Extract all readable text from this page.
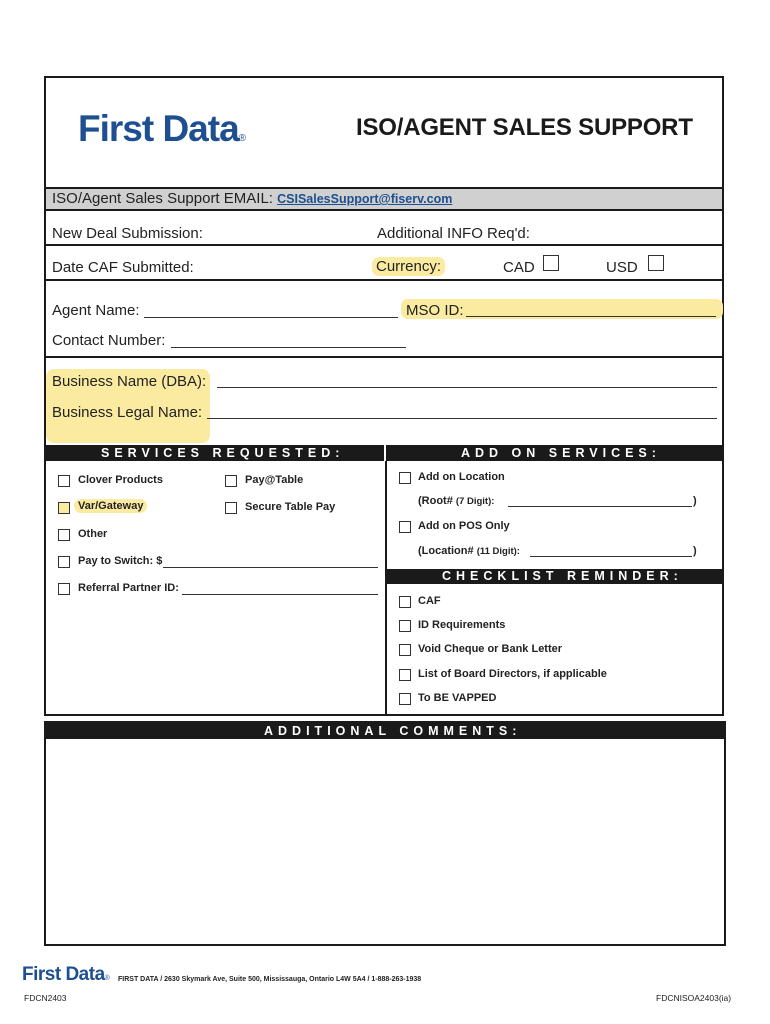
First Data®	ISO/AGENT SALES SUPPORT
ISO/Agent Sales Support EMAIL: CSISalesSupport@fiserv.com
New Deal Submission:	Additional INFO Req'd:
Date CAF Submitted:	Currency:	CAD	USD
Agent Name:	MSO ID:
Contact Number:
Business Name (DBA):
Business Legal Name:
SERVICES REQUESTED:	ADD ON SERVICES:
Clover Products	Pay@Table
Var/Gateway	Secure Table Pay
Other
Pay to Switch: $
Referral Partner ID:
Add on Location
(Root# (7 Digit):	)
Add on POS Only
(Location# (11 Digit):	)
CHECKLIST REMINDER:
CAF
ID Requirements
Void Cheque or Bank Letter
List of Board Directors, if applicable
To BE VAPPED
ADDITIONAL COMMENTS:
First Data® FIRST DATA / 2630 Skymark Ave, Suite 500, Mississauga, Ontario L4W 5A4 / 1-888-263-1938
FDCN2403	FDCNISOA2403(ia)
